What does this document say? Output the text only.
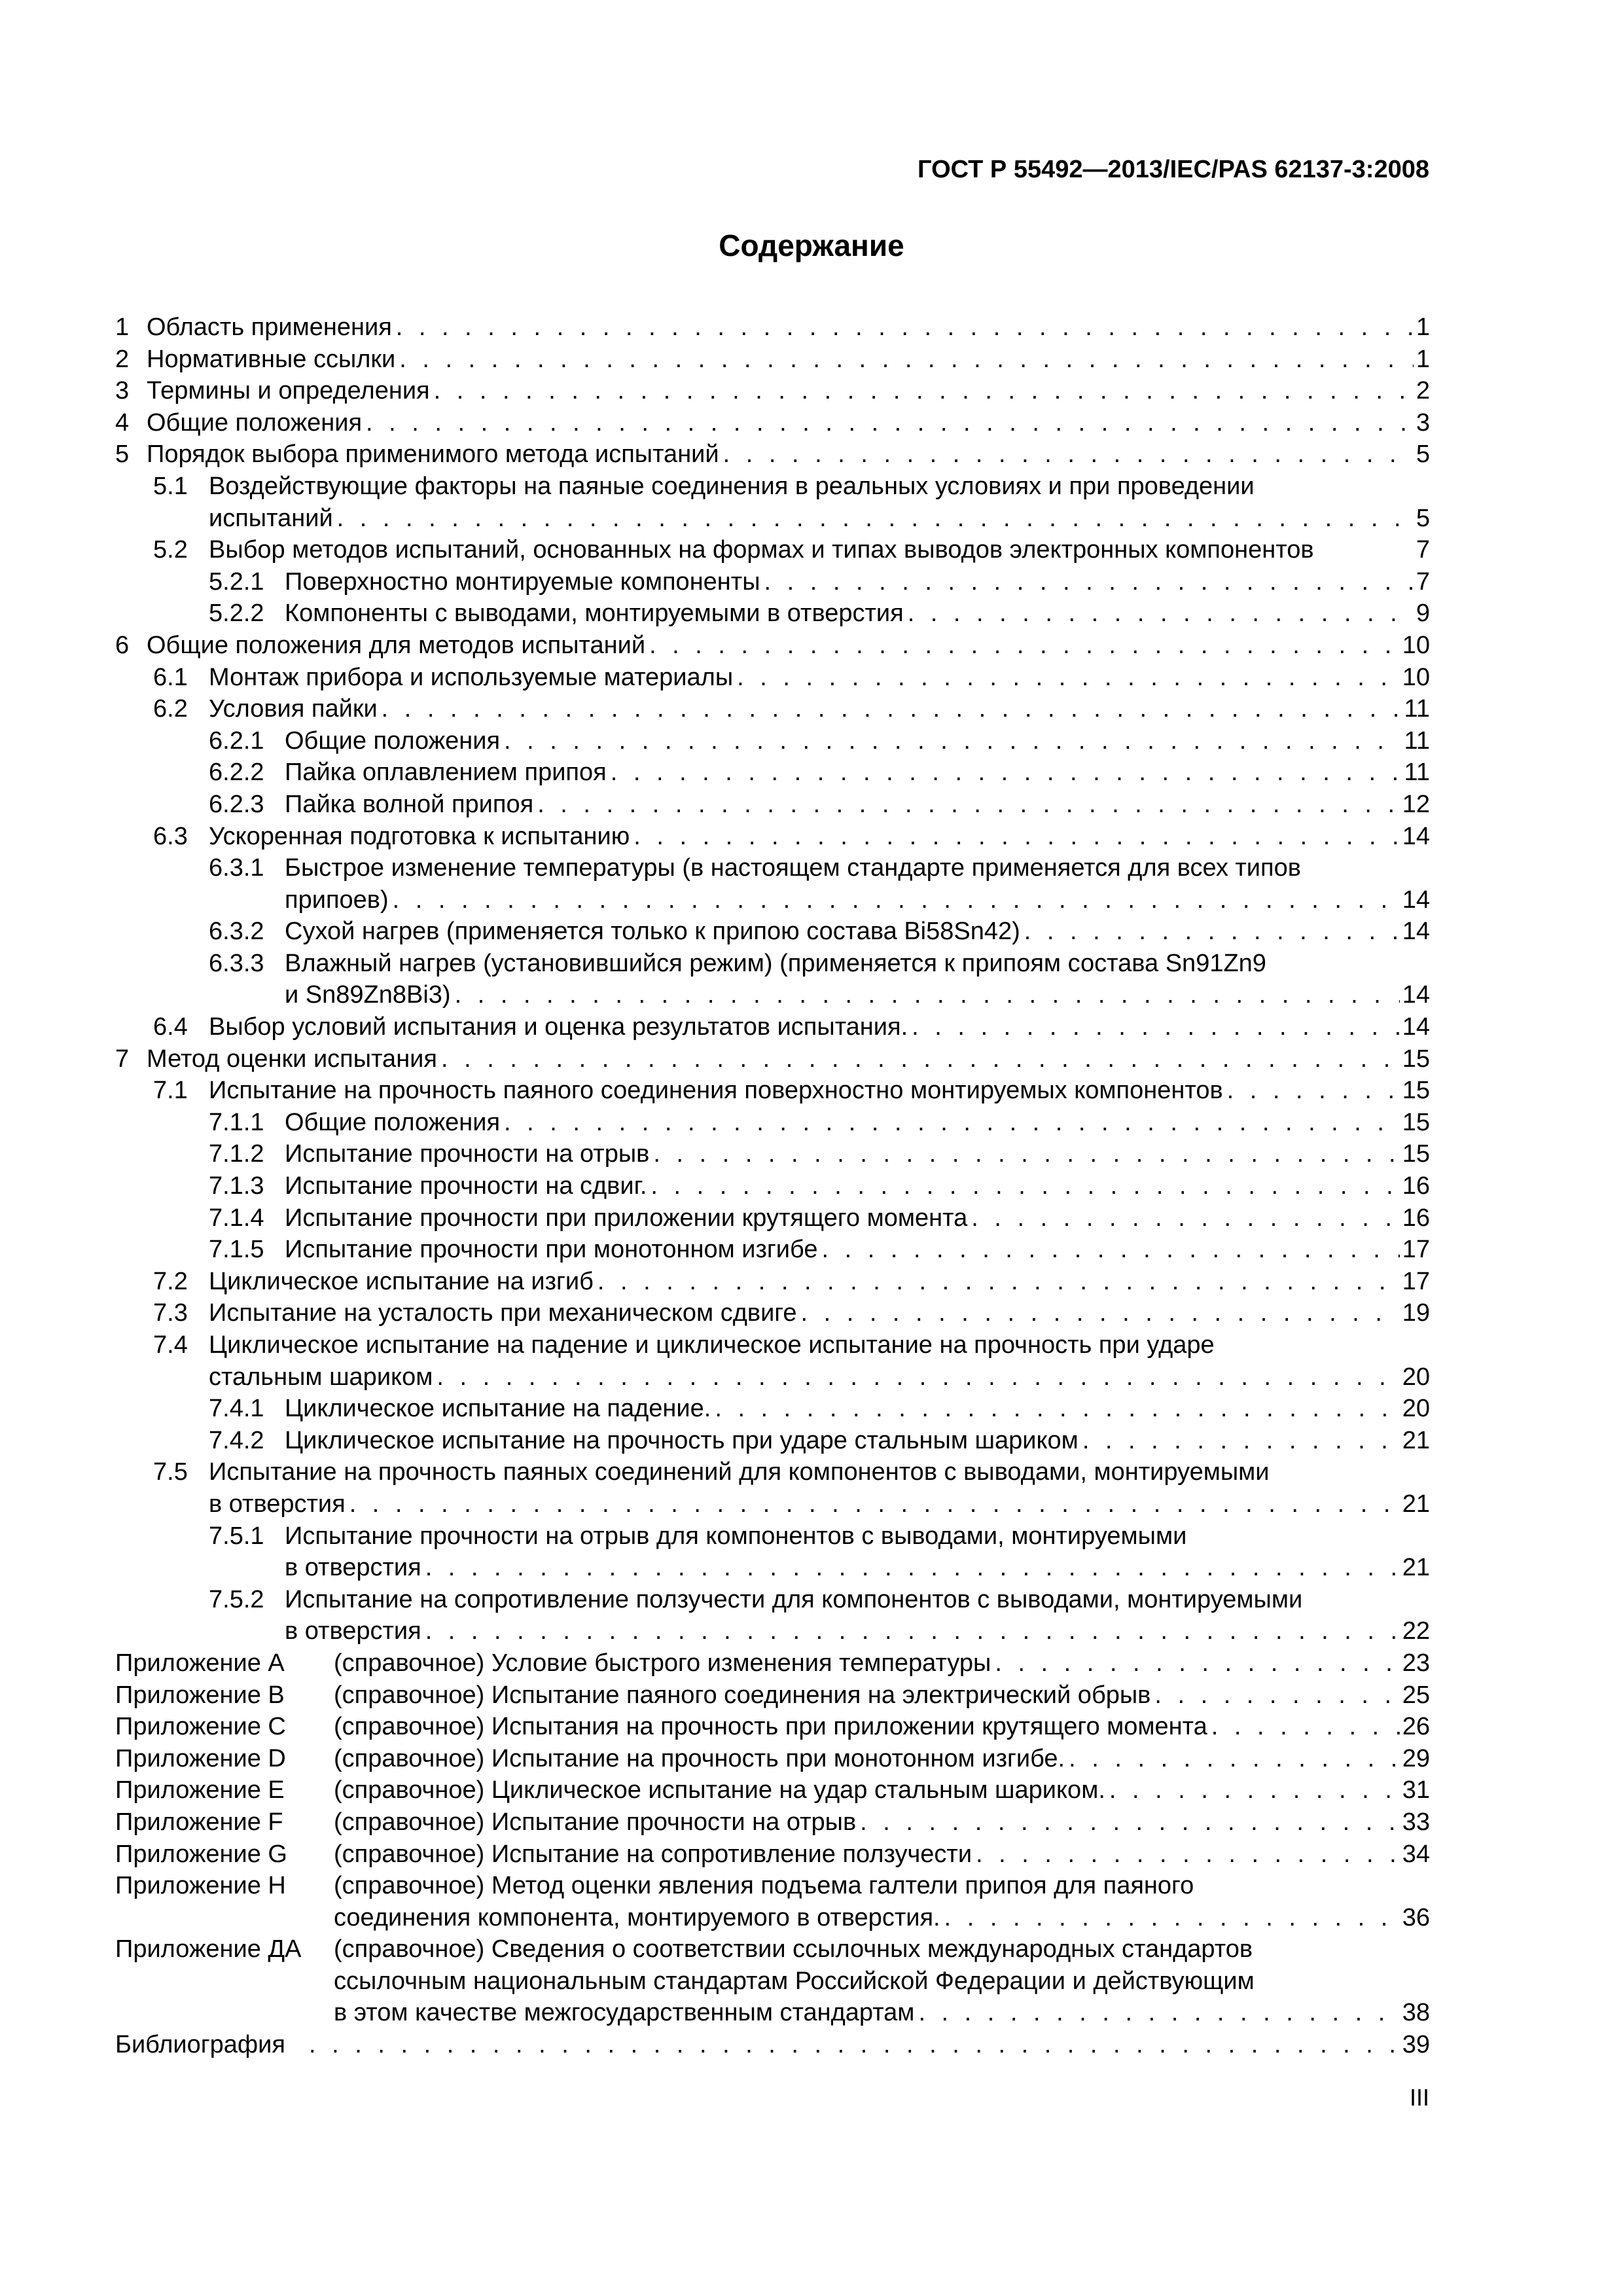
ГОСТ Р 55492—2013/IEC/PAS 62137-3:2008
Содержание
1 Область применения . . .	1
2 Нормативные ссылки . . .	1
3 Термины и определения . . .	2
4 Общие положения . . .	3
5 Порядок выбора применимого метода испытаний . . .	5
5.1 Воздействующие факторы на паяные соединения в реальных условиях и при проведении
испытаний . . .	5
5.2 Выбор методов испытаний, основанных на формах и типах выводов электронных компонентов	7
5.2.1 Поверхностно монтируемые компоненты . . .	7
5.2.2 Компоненты с выводами, монтируемыми в отверстия . . .	9
6 Общие положения для методов испытаний . . .	10
6.1 Монтаж прибора и используемые материалы . . .	10
6.2 Условия пайки . . .	11
6.2.1 Общие положения . . .	11
6.2.2 Пайка оплавлением припоя . . .	11
6.2.3 Пайка волной припоя . . .	12
6.3 Ускоренная подготовка к испытанию . . .	14
6.3.1 Быстрое изменение температуры (в настоящем стандарте применяется для всех типов
припоев) . . .	14
6.3.2 Сухой нагрев (применяется только к припою состава Bi58Sn42) . . .	14
6.3.3 Влажный нагрев (установившийся режим) (применяется к припоям состава Sn91Zn9
и Sn89Zn8Bi3) . . .	14
6.4 Выбор условий испытания и оценка результатов испытания. . . .	14
7 Метод оценки испытания . . .	15
7.1 Испытание на прочность паяного соединения поверхностно монтируемых компонентов . . .	15
7.1.1 Общие положения . . .	15
7.1.2 Испытание прочности на отрыв . . .	15
7.1.3 Испытание прочности на сдвиг. . . .	16
7.1.4 Испытание прочности при приложении крутящего момента . . .	16
7.1.5 Испытание прочности при монотонном изгибе . . .	17
7.2 Циклическое испытание на изгиб . . .	17
7.3 Испытание на усталость при механическом сдвиге . . .	19
7.4 Циклическое испытание на падение и циклическое испытание на прочность при ударе
стальным шариком . . .	20
7.4.1 Циклическое испытание на падение. . . .	20
7.4.2 Циклическое испытание на прочность при ударе стальным шариком . . .	21
7.5 Испытание на прочность паяных соединений для компонентов с выводами, монтируемыми
в отверстия . . .	21
7.5.1 Испытание прочности на отрыв для компонентов с выводами, монтируемыми
в отверстия . . .	21
7.5.2 Испытание на сопротивление ползучести для компонентов с выводами, монтируемыми
в отверстия . . .	22
Приложение А (справочное) Условие быстрого изменения температуры . . .	23
Приложение В (справочное) Испытание паяного соединения на электрический обрыв . . .	25
Приложение С (справочное) Испытания на прочность при приложении крутящего момента . . .	26
Приложение D (справочное) Испытание на прочность при монотонном изгибе. . . .	29
Приложение Е (справочное) Циклическое испытание на удар стальным шариком. . . .	31
Приложение F (справочное) Испытание прочности на отрыв . . .	33
Приложение G (справочное) Испытание на сопротивление ползучести . . .	34
Приложение Н (справочное) Метод оценки явления подъема галтели припоя для паяного
соединения компонента, монтируемого в отверстия. . . .	36
Приложение ДА (справочное) Сведения о соответствии ссылочных международных стандартов
ссылочным национальным стандартам Российской Федерации и действующим
в этом качестве межгосударственным стандартам . . .	38
Библиография . . .	39
III
